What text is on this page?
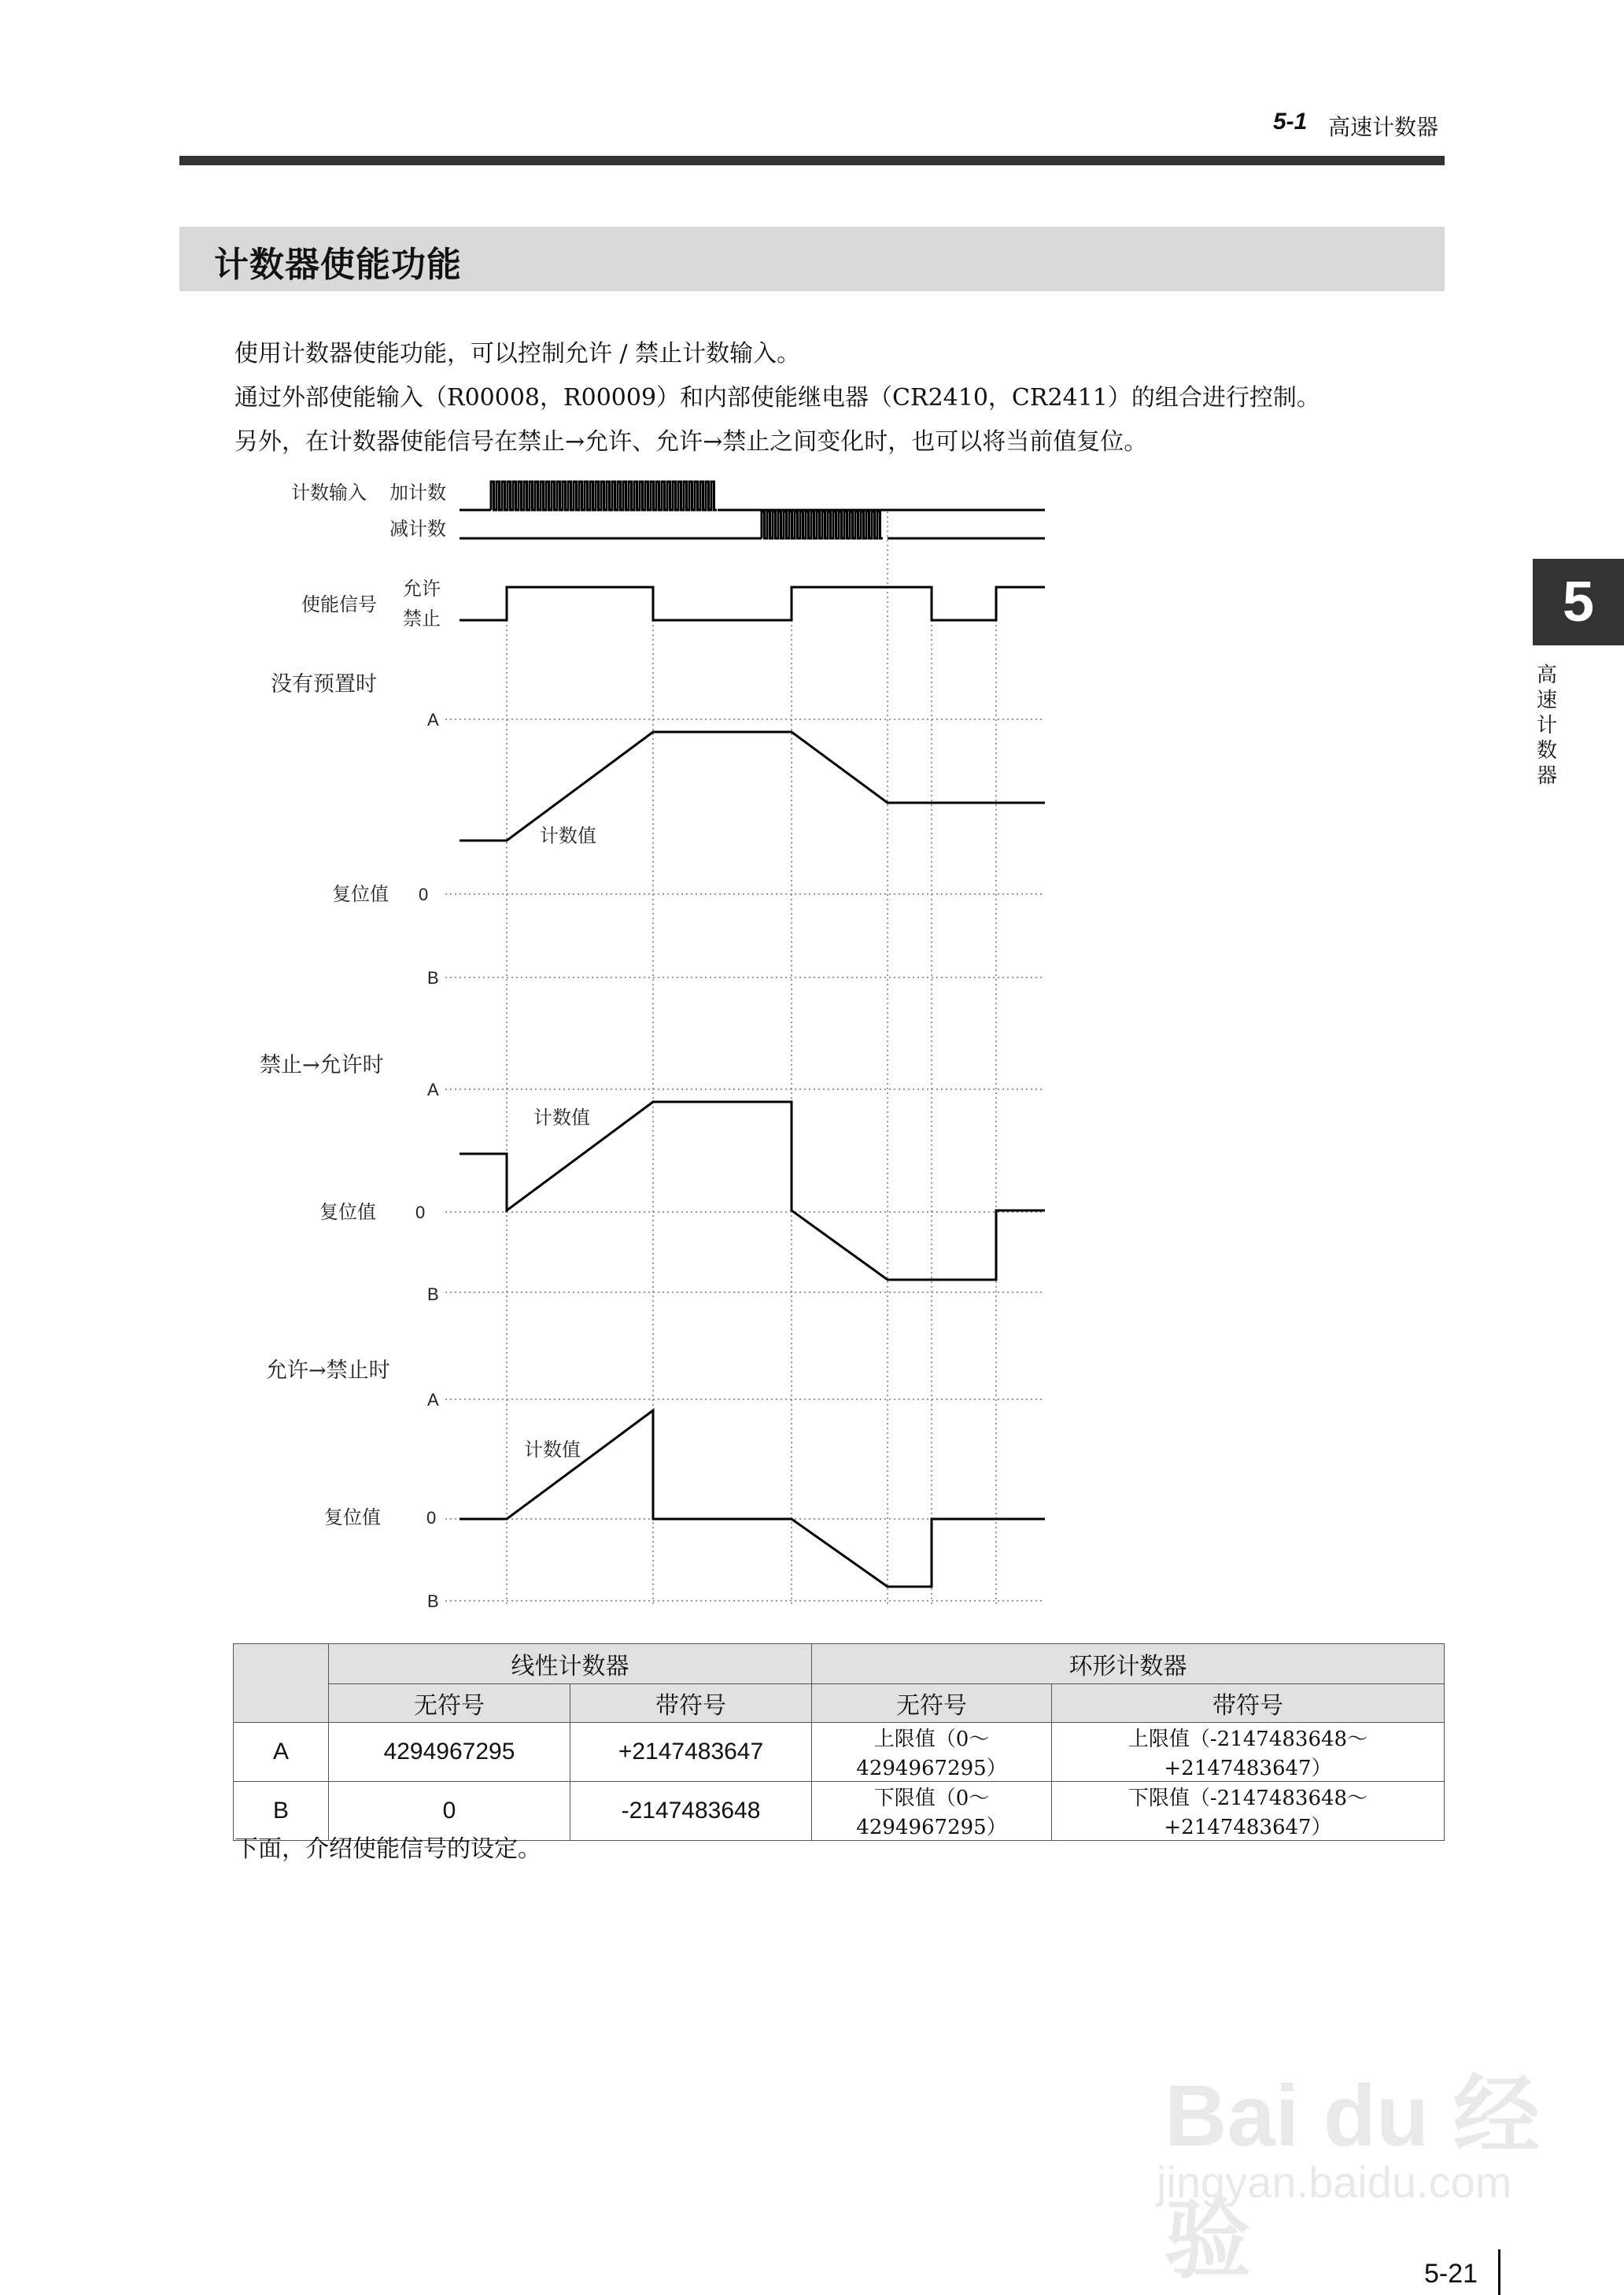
5-1 高速计数器
计数器使能功能
使用计数器使能功能，可以控制允许 / 禁止计数输入。
通过外部使能输入（R00008，R00009）和内部使能继电器（CR2410，CR2411）的组合进行控制。
另外，在计数器使能信号在禁止→允许、允许→禁止之间变化时，也可以将当前值复位。
5
高
速
计
数
器
计数输入 加计数
减计数
使能信号
允许
禁止
没有预置时
禁止→允许时
允许→禁止时
复位值
复位值
复位值
计数值
计数值
计数值
A
0
B
A
0
B
A
0
B
	线性计数器		环形计数器	
	无符号	带符号	无符号	带符号
A	4294967295	+2147483647	上限值（0～4294967295）	上限值（-2147483648～+2147483647）
B	0	-2147483648	下限值（0～4294967295）	下限值（-2147483648～+2147483647）
下面，介绍使能信号的设定。
Bai du 经验
jingyan.baidu.com
5-21
